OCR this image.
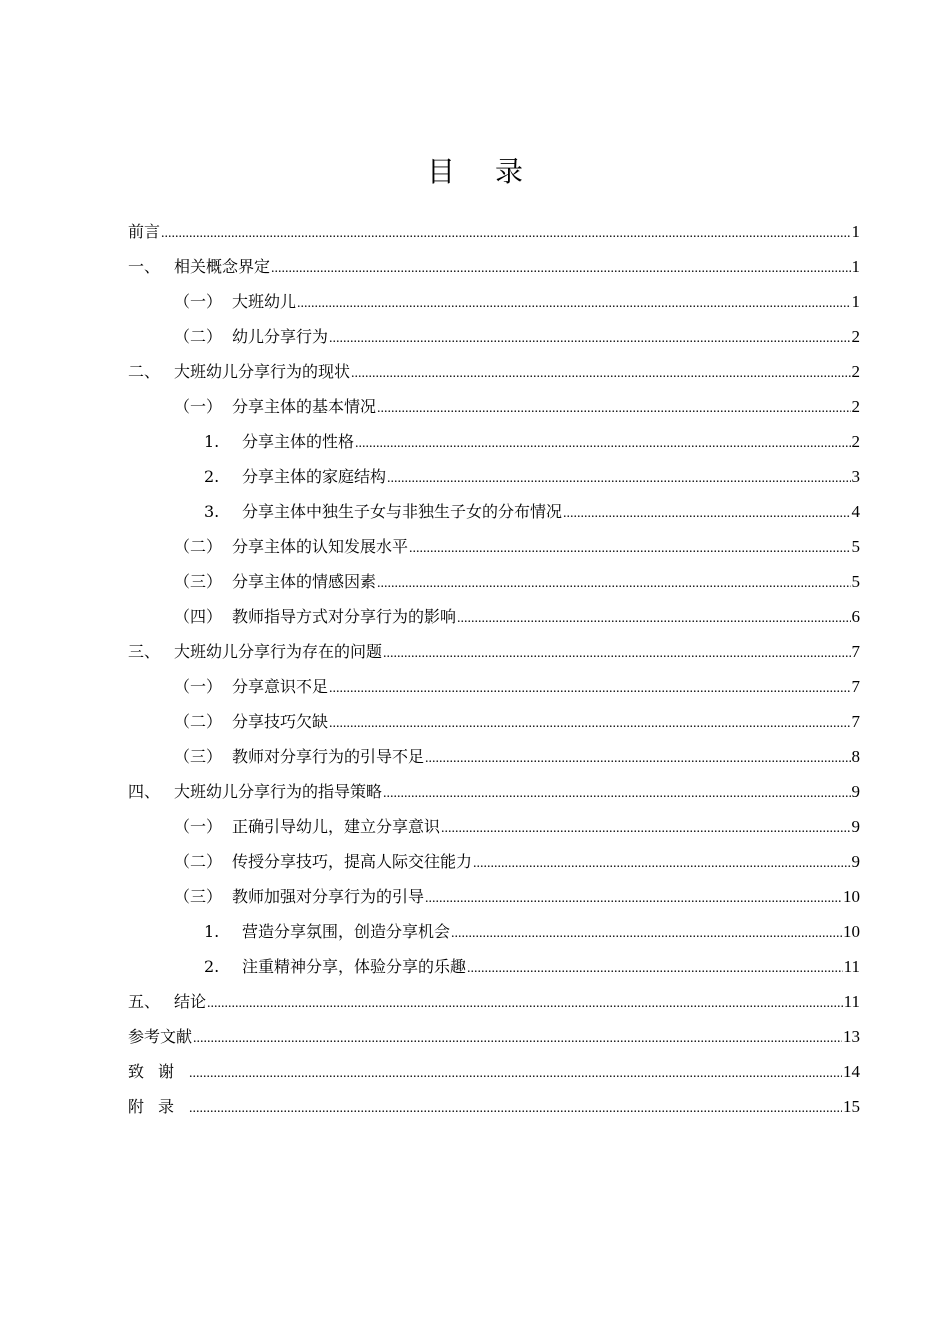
目 录
前言 .....	1
一、 相关概念界定 .....	1
（一） 大班幼儿 .....	1
（二） 幼儿分享行为 .....	2
二、 大班幼儿分享行为的现状 .....	2
（一） 分享主体的基本情况 .....	2
1.	分享主体的性格 .....	2
2.	分享主体的家庭结构 .....	3
3.	分享主体中独生子女与非独生子女的分布情况 .....	4
（二） 分享主体的认知发展水平 .....	5
（三） 分享主体的情感因素 .....	5
（四） 教师指导方式对分享行为的影响 .....	6
三、 大班幼儿分享行为存在的问题 .....	7
（一） 分享意识不足 .....	7
（二） 分享技巧欠缺 .....	7
（三） 教师对分享行为的引导不足 .....	8
四、 大班幼儿分享行为的指导策略 .....	9
（一） 正确引导幼儿，建立分享意识 .....	9
（二） 传授分享技巧，提高人际交往能力 .....	9
（三） 教师加强对分享行为的引导 .....	10
1.	营造分享氛围，创造分享机会 .....	10
2.	注重精神分享，体验分享的乐趣 .....	11
五、 结论 .....	11
参考文献 .....	13
致谢 .....	14
附录 .....	15
